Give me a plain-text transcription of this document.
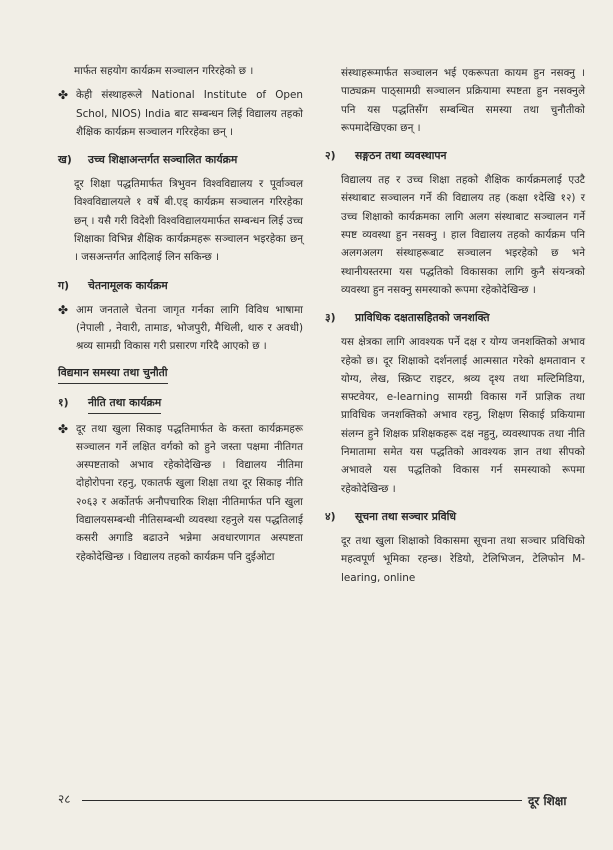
मार्फत सहयोग कार्यक्रम सञ्चालन गरिरहेको छ ।

✤ केही संस्थाहरूले National Institute of Open Schol, NIOS) India बाट सम्बन्धन लिई विद्यालय तहको शैक्षिक कार्यक्रम सञ्चालन गरिरहेका छन् ।

ख) उच्च शिक्षाअन्तर्गत सञ्चालित कार्यक्रम

दूर शिक्षा पद्धतिमार्फत त्रिभुवन विश्वविद्यालय र पूर्वाञ्चल विश्वविद्यालयले १ वर्षे बी.एड् कार्यक्रम सञ्चालन गरिरहेका छन् । यसै गरी विदेशी विश्वविद्यालयमार्फत सम्बन्धन लिई उच्च शिक्षाका विभिन्न शैक्षिक कार्यक्रमहरू सञ्चालन भइरहेका छन् । जसअन्तर्गत आदिलाई लिन सकिन्छ ।

ग)	चेतनामूलक कार्यक्रम
✤ आम जनताले चेतना जागृत गर्नका लागि विविध भाषामा (नेपाली , नेवारी, तामाङ, भोजपुरी, मैथिली, थारु र अवधी) श्रव्य सामग्री विकास गरी प्रसारण गरिदै आएको छ ।

विद्यमान समस्या तथा चुनौती
१)	नीति तथा कार्यक्रम
✤ दूर तथा खुला सिकाइ पद्धतिमार्फत के कस्ता कार्यक्रमहरू सञ्चालन गर्ने लक्षित वर्गको को हुने जस्ता पक्षमा नीतिगत अस्पष्टताको अभाव रहेकोदेखिन्छ । विद्यालय नीतिमा दोहोरोपना रहनु, एकातर्फ खुला शिक्षा तथा दूर सिकाइ नीति २०६३ र अर्कोतर्फ अनौपचारिक शिक्षा नीतिमार्फत पनि खुला विद्यालयसम्बन्धी नीतिसम्बन्धी व्यवस्था रहनुले यस पद्धतिलाई कसरी अगाडि बढाउने भन्नेमा अवधारणागत अस्पष्टता रहेकोदेखिन्छ । विद्यालय तहको कार्यक्रम पनि दुईओटा

संस्थाहरूमार्फत सञ्चालन भई एकरूपता कायम हुन नसक्नु । पाठ्यक्रम पाठ्सामग्री सञ्चालन प्रक्रियामा स्पष्टता हुन नसक्नुले पनि यस पद्धतिसँग सम्बन्धित समस्या तथा चुनौतीको रूपमादेखिएका छन् ।

२)	सङ्गठन तथा व्यवस्थापन

विद्यालय तह र उच्च शिक्षा तहको शैक्षिक कार्यक्रमलाई एउटै संस्थाबाट सञ्चालन गर्ने की विद्यालय तह (कक्षा १देखि १२) र उच्च शिक्षाको कार्यक्रमका लागि अलग संस्थाबाट सञ्चालन गर्ने स्पष्ट व्यवस्था हुन नसक्नु । हाल विद्यालय तहको कार्यक्रम पनि अलगअलग संस्थाहरूबाट सञ्चालन भइरहेको छ भने स्थानीयस्तरमा यस पद्धतिको विकासका लागि कुनै संयन्त्रको व्यवस्था हुन नसक्नु समस्याको रूपमा रहेकोदेखिन्छ ।

३)	प्राविधिक दक्षतासहितको जनशक्ति

यस क्षेत्रका लागि आवश्यक पर्ने दक्ष र योग्य जनशक्तिको अभाव रहेको छ। दूर शिक्षाको दर्शनलाई आत्मसात गरेको क्षमतावान र योग्य, लेख, स्क्रिप्ट राइटर, श्रव्य दृश्य तथा मल्टिमिडिया, सफ्टवेयर, e-learning सामग्री विकास गर्ने प्राज्ञिक तथा प्राविधिक जनशक्तिको अभाव रहनु, शिक्षण सिकाई प्रकियामा संलग्न हुने शिक्षक प्रशिक्षकहरू दक्ष नहुनु, व्यवस्थापक तथा नीति निमातामा समेत यस पद्धतिको आवश्यक ज्ञान तथा सीपको अभावले यस पद्धतिको विकास गर्न समस्याको रूपमा रहेकोदेखिन्छ ।

४)	सूचना तथा सञ्चार प्रविधि

दूर तथा खुला शिक्षाको विकासमा सूचना तथा सञ्चार प्रविधिको महत्वपूर्ण भूमिका रहन्छ। रेडियो, टेलिभिजन, टेलिफोन M-learing, online

२८	दूर शिक्षा
